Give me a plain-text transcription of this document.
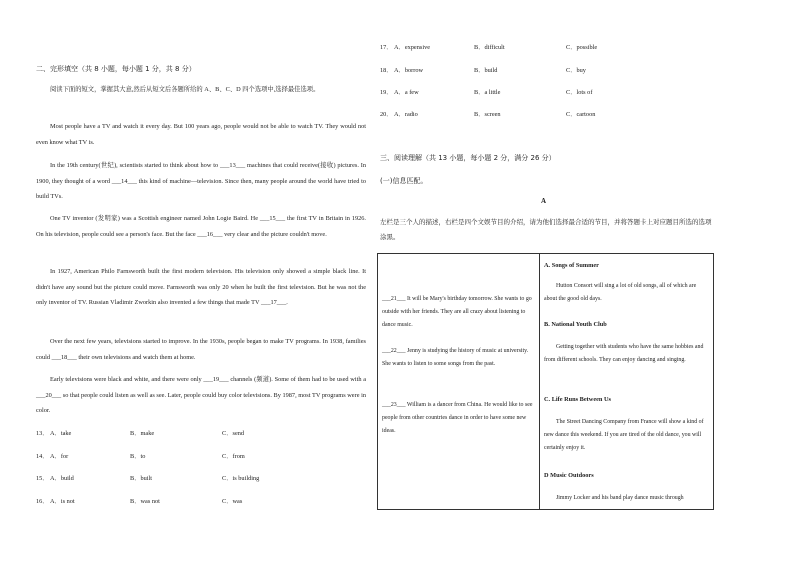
二、完形填空（共 8 小题，每小题 1 分，共 8 分）
阅读下面的短文，掌握其大意,然后从短文后各题所给的 A、B、C、D 四个选项中,选择最佳选项。
Most people have a TV and watch it every day. But 100 years ago, people would not be able to watch TV. They would not even know what TV is.
In the 19th century(世纪), scientists started to think about how to ___13___ machines that could receive(接收) pictures. In 1900, they thought of a word ___14___ this kind of machine—television. Since then, many people around the world have tried to build TVs.
One TV inventor (发明家) was a Scottish engineer named John Logie Baird. He ___15___ the first TV in Britain in 1926. On his television, people could see a person's face. But the face ___16___ very clear and the picture couldn't move.
In 1927, American Philo Farnsworth built the first modern television. His television only showed a simple black line. It didn't have any sound but the picture could move. Farnsworth was only 20 when he built the first television. But he was not the only inventor of TV. Russian Vladimir Zworkin also invented a few things that made TV ___17___.
Over the next few years, televisions started to improve. In the 1930s, people began to make TV programs. In 1938, families could ___18___ their own televisions and watch them at home.
Early televisions were black and white, and there were only ___19___ channels (频道). Some of them had to be used with a ___20___ so that people could listen as well as see. Later, people could buy color televisions. By 1987, most TV programs were in color.
13． A．take	B．make	C．send
14． A．for	B．to	C．from
15． A．build	B．built	C．is building
16． A．is not	B．was not	C．was
17． A．expensive	B．difficult	C．possible
18． A．borrow	B．build	C．buy
19． A．a few	B．a little	C．lots of
20． A．radio	B．screen	C．cartoon
三、阅读理解（共 13 小题，每小题 2 分，满分 26 分）
(一)信息匹配。
A
左栏是三个人的描述，右栏是四个文娱节目的介绍，请为他们选择最合适的节目，并将答题卡上对应题目所选的选项涂黑。
___21___ It will be Mary's birthday tomorrow. She wants to go outside with her friends. They are all crazy about listening to dance music.
___22___ Jenny is studying the history of music at university. She wants to listen to some songs from the past.
___23___ William is a dancer from China. He would like to see people from other countries dance in order to have some new ideas.
A. Songs of Summer
Hutton Consort will sing a lot of old songs, all of which are about the good old days.
B. National Youth Club
Getting together with students who have the same hobbies and from different schools. They can enjoy dancing and singing.
C. Life Runs Between Us
The Street Dancing Company from France will show a kind of new dance this weekend. If you are tired of the old dance, you will certainly enjoy it.
D Music Outdoors
Jimmy Locker and his band play dance music through
